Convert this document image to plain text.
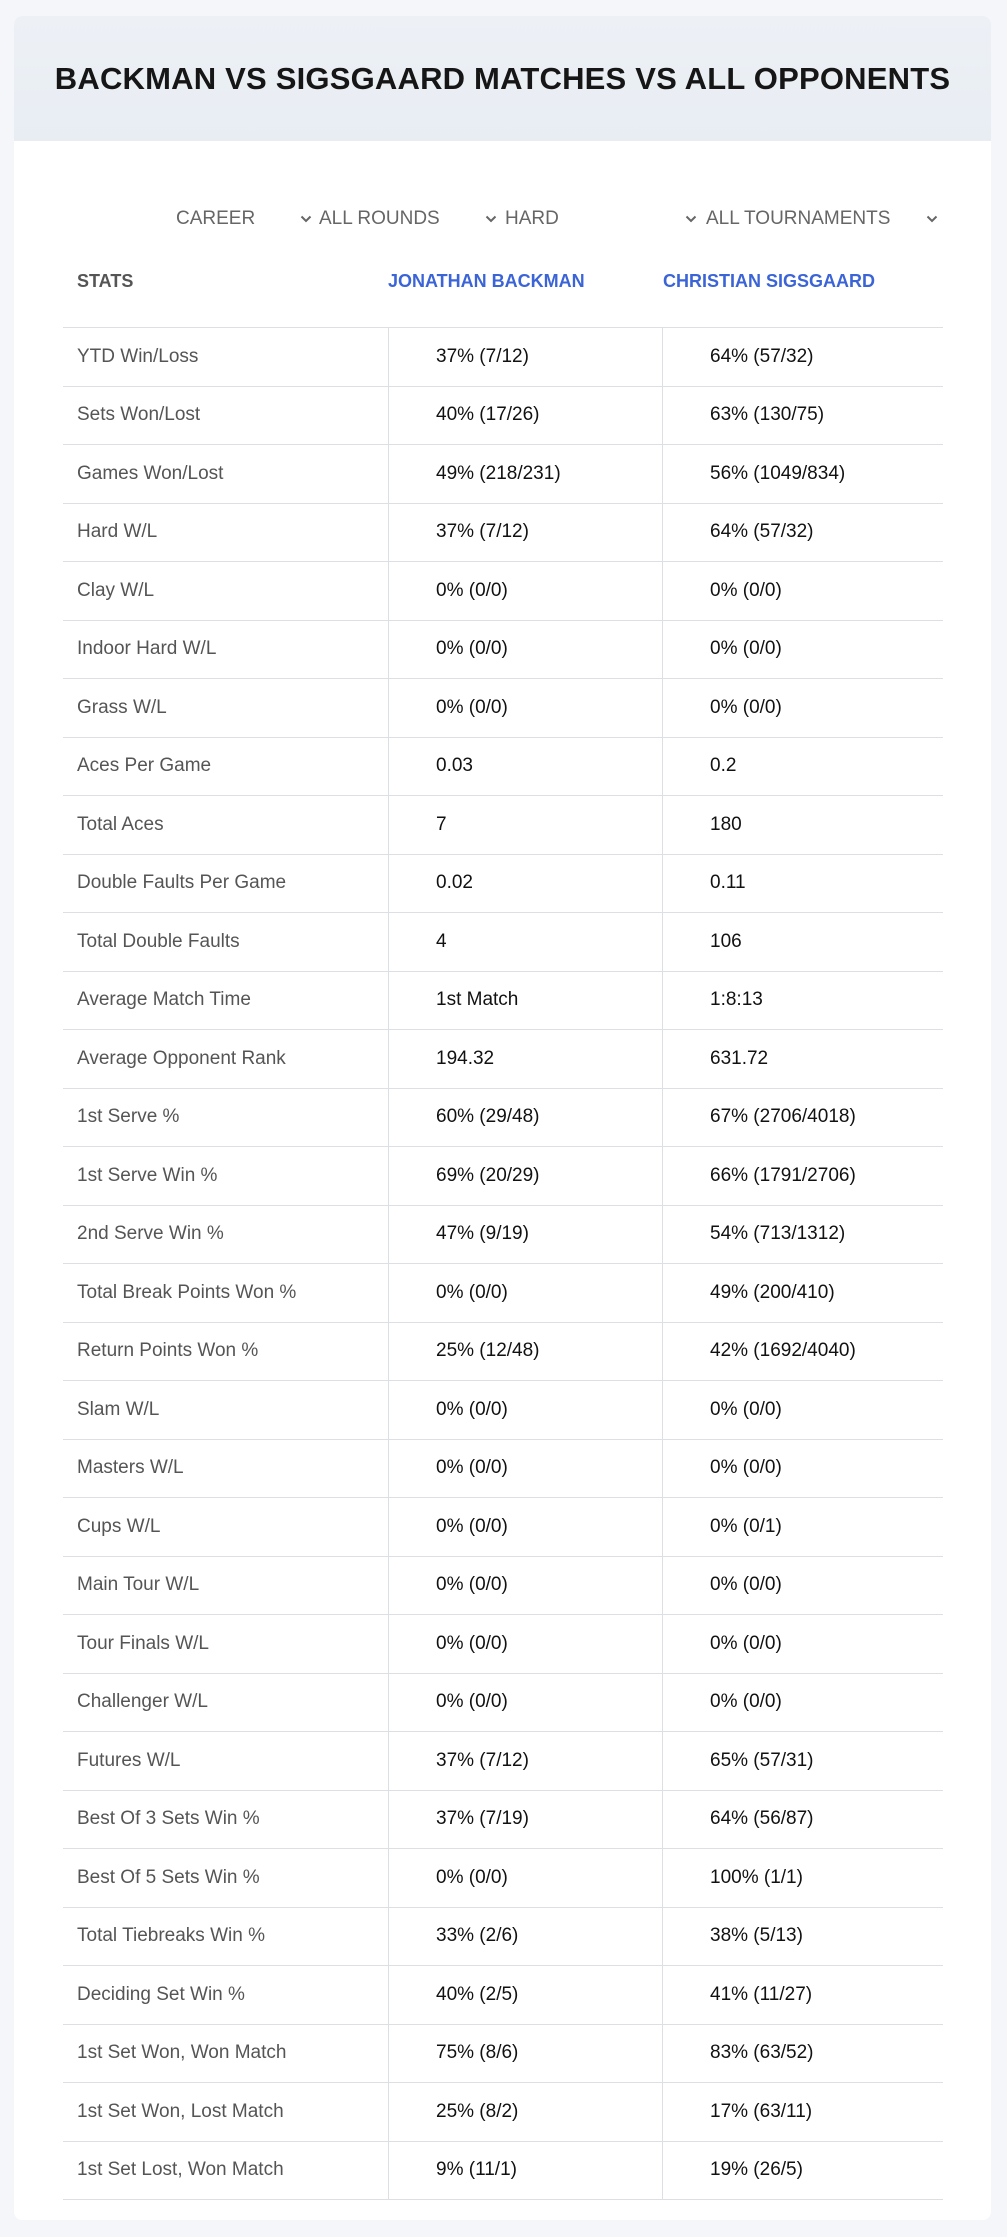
BACKMAN VS SIGSGAARD MATCHES VS ALL OPPONENTS
CAREER	ALL ROUNDS	HARD	ALL TOURNAMENTS
STATS	JONATHAN BACKMAN	CHRISTIAN SIGSGAARD
YTD Win/Loss	37% (7/12)	64% (57/32)
Sets Won/Lost	40% (17/26)	63% (130/75)
Games Won/Lost	49% (218/231)	56% (1049/834)
Hard W/L	37% (7/12)	64% (57/32)
Clay W/L	0% (0/0)	0% (0/0)
Indoor Hard W/L	0% (0/0)	0% (0/0)
Grass W/L	0% (0/0)	0% (0/0)
Aces Per Game	0.03	0.2
Total Aces	7	180
Double Faults Per Game	0.02	0.11
Total Double Faults	4	106
Average Match Time	1st Match	1:8:13
Average Opponent Rank	194.32	631.72
1st Serve %	60% (29/48)	67% (2706/4018)
1st Serve Win %	69% (20/29)	66% (1791/2706)
2nd Serve Win %	47% (9/19)	54% (713/1312)
Total Break Points Won %	0% (0/0)	49% (200/410)
Return Points Won %	25% (12/48)	42% (1692/4040)
Slam W/L	0% (0/0)	0% (0/0)
Masters W/L	0% (0/0)	0% (0/0)
Cups W/L	0% (0/0)	0% (0/1)
Main Tour W/L	0% (0/0)	0% (0/0)
Tour Finals W/L	0% (0/0)	0% (0/0)
Challenger W/L	0% (0/0)	0% (0/0)
Futures W/L	37% (7/12)	65% (57/31)
Best Of 3 Sets Win %	37% (7/19)	64% (56/87)
Best Of 5 Sets Win %	0% (0/0)	100% (1/1)
Total Tiebreaks Win %	33% (2/6)	38% (5/13)
Deciding Set Win %	40% (2/5)	41% (11/27)
1st Set Won, Won Match	75% (8/6)	83% (63/52)
1st Set Won, Lost Match	25% (8/2)	17% (63/11)
1st Set Lost, Won Match	9% (11/1)	19% (26/5)
